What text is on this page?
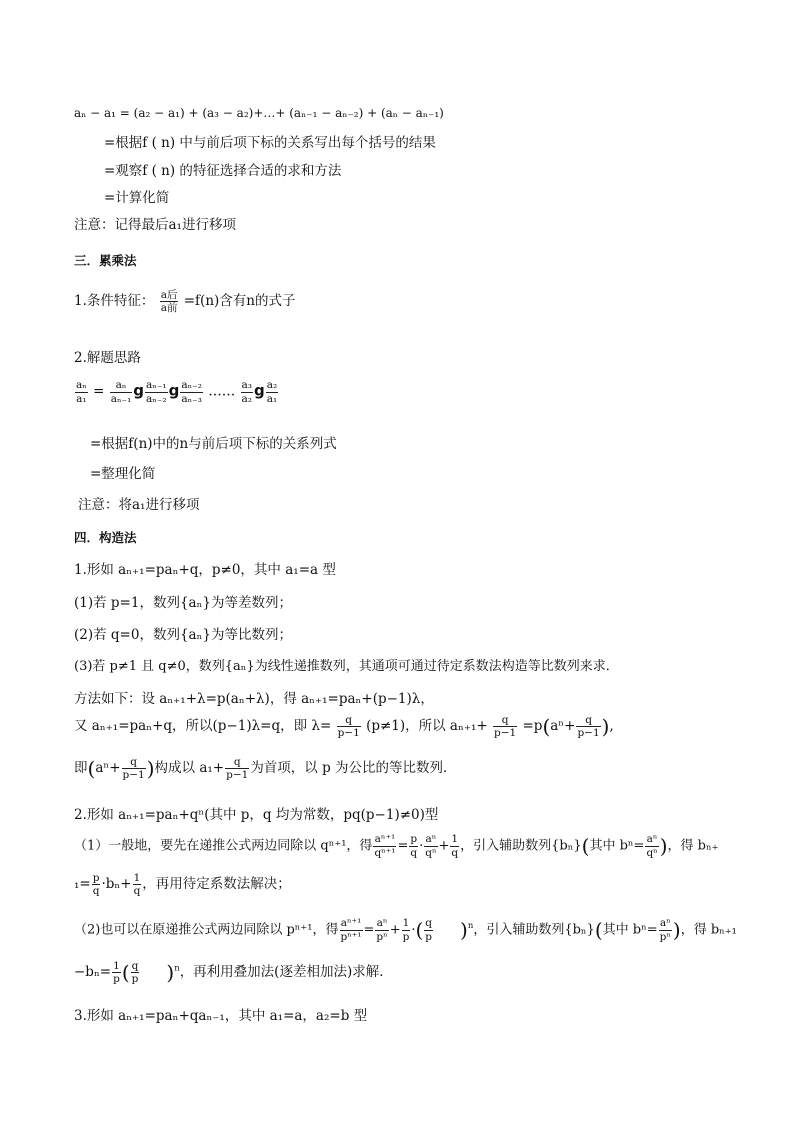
aₙ − a₁ = (a₂ − a₁) + (a₃ − a₂)+…+ (aₙ₋₁ − aₙ₋₂) + (aₙ − aₙ₋₁)
=根据f ( n) 中与前后项下标的关系写出每个括号的结果
=观察f ( n) 的特征选择合适的求和方法
=计算化简
注意：记得最后a₁进行移项
三．累乘法
1.条件特征： $\frac{\text{a后}}{\text{a前}} =f(n)$含有n的式子
2.解题思路
$\frac{\text{aₙ}}{\text{a₁}} = \frac{\text{aₙ}}{\text{aₙ₋₁}}$ g $\frac{\text{aₙ₋₁}}{\text{aₙ₋₂}}$ g $\frac{\text{aₙ₋₂}}{\text{aₙ₋₃}}$ …… $\frac{\text{a₃}}{\text{a₂}}$ g $\frac{\text{a₂}}{\text{a₁}}$
=根据f(n)中的n与前后项下标的关系列式
=整理化简
注意：将a₁进行移项
四．构造法
1.形如 aₙ₊₁=paₙ+q，p≠0，其中 a₁=a 型
(1)若 p=1，数列{aₙ}为等差数列；
(2)若 q=0，数列{aₙ}为等比数列；
(3)若 p≠1 且 q≠0，数列{aₙ}为线性递推数列，其通项可通过待定系数法构造等比数列来求．
方法如下：设 aₙ₊₁+λ=p(aₙ+λ)，得 aₙ₊₁=paₙ+(p−1)λ，
又 aₙ₊₁=paₙ+q，所以(p−1)λ=q，即 $\lambda= \frac{q}{p-1} (p\ne 1)$，所以 $a_{n+1}+ \frac{q}{p-1} =p(a^n+ \frac{q}{p-1}$ ),
即($a^n+ \frac{q}{p-1}$ )构成以 $a_1+ \frac{q}{p-1}$ 为首项，以 p 为公比的等比数列．
2.形如 aₙ₊₁=paₙ+qⁿ(其中 p，q 均为常数，pq(p−1)≠0)型
（1）一般地，要先在递推公式两边同除以 qⁿ⁺¹，得 $\frac{\text{aⁿ⁺¹}}{\text{qⁿ⁺¹}} = \frac{p}{q} \cdot \frac{\text{aⁿ}}{\text{qⁿ}} + \frac{1}{q}$ ，引入辅助数列{bₙ}(其中 $b^n= \frac{\text{aⁿ}}{\text{qⁿ}}$ )，得 bₙ₊
$_1= \frac{p}{q} \cdot b_n+ \frac{1}{q}$ ，再用待定系数法解决；
（2)也可以在原递推公式两边同除以 pⁿ⁺¹，得 $\frac{\text{aⁿ⁺¹}}{\text{pⁿ⁺¹}} = \frac{\text{aⁿ}}{\text{pⁿ}} + \frac{1}{p}$ ·( $\frac{q}{p} )^n$，引入辅助数列{bₙ}(其中 $b^n= \frac{\text{aⁿ}}{\text{pⁿ}}$ )，得 bₙ₊₁
$-b_n= \frac{1}{p}$ ( $\frac{q}{p} )^n$，再利用叠加法(逐差相加法)求解．
3.形如 aₙ₊₁=paₙ+qaₙ₋₁，其中 a₁=a，a₂=b 型
